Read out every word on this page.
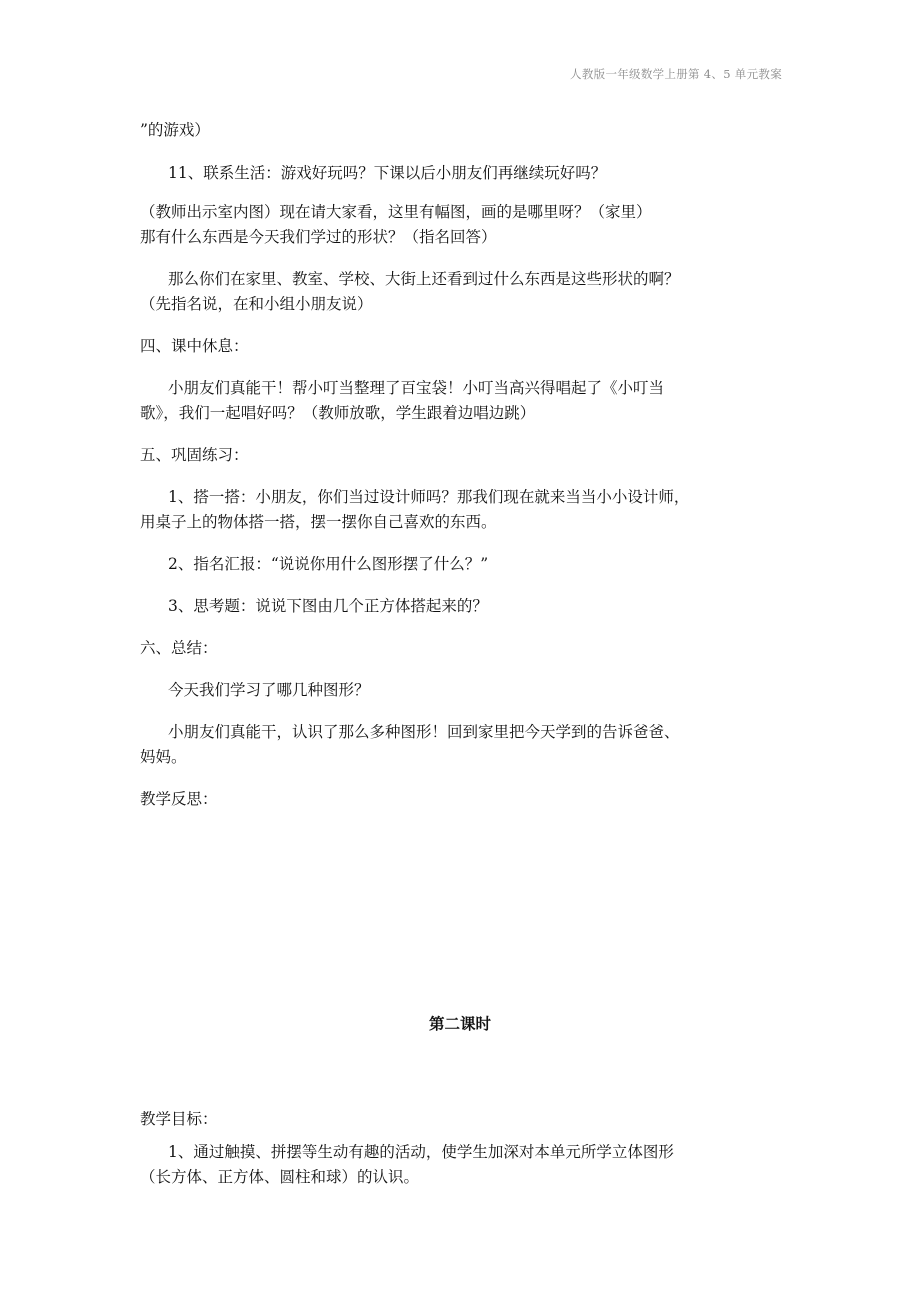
人教版一年级数学上册第 4、5 单元教案
”的游戏）
11、联系生活：游戏好玩吗？下课以后小朋友们再继续玩好吗？
（教师出示室内图）现在请大家看，这里有幅图，画的是哪里呀？（家里）
那有什么东西是今天我们学过的形状？（指名回答）
那么你们在家里、教室、学校、大街上还看到过什么东西是这些形状的啊？
（先指名说，在和小组小朋友说）
四、课中休息：
小朋友们真能干！帮小叮当整理了百宝袋！小叮当高兴得唱起了《小叮当
歌》，我们一起唱好吗？（教师放歌，学生跟着边唱边跳）
五、巩固练习：
1、搭一搭：小朋友，你们当过设计师吗？那我们现在就来当当小小设计师，
用桌子上的物体搭一搭，摆一摆你自己喜欢的东西。
2、指名汇报：“说说你用什么图形摆了什么？”
3、思考题：说说下图由几个正方体搭起来的？
六、总结：
今天我们学习了哪几种图形？
小朋友们真能干，认识了那么多种图形！回到家里把今天学到的告诉爸爸、
妈妈。
教学反思：
第二课时
教学目标：
1、通过触摸、拼摆等生动有趣的活动，使学生加深对本单元所学立体图形
（长方体、正方体、圆柱和球）的认识。
